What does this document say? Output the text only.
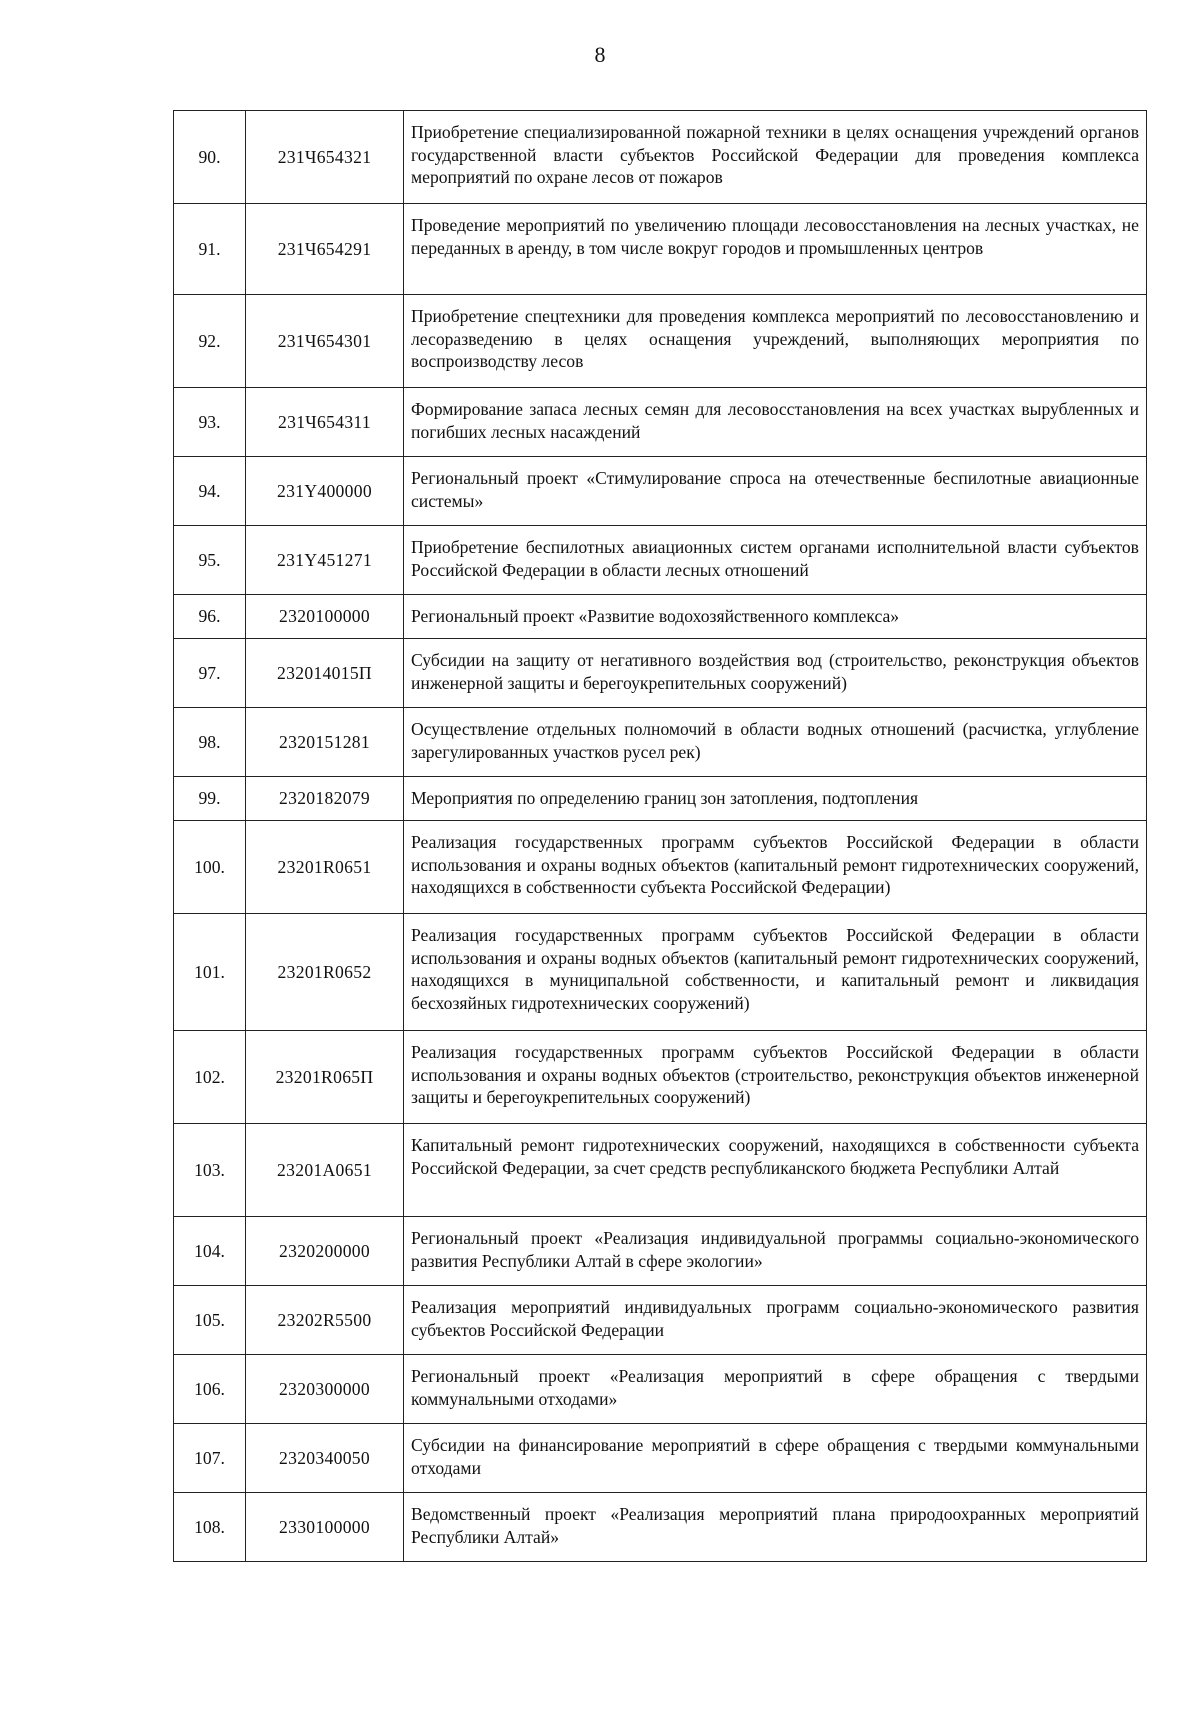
8
90.	231Ч654321	Приобретение специализированной пожарной техники в целях оснащения учреждений органов государственной власти субъектов Российской Федерации для проведения комплекса мероприятий по охране лесов от пожаров
91.	231Ч654291	Проведение мероприятий по увеличению площади лесовосстановления на лесных участках, не переданных в аренду, в том числе вокруг городов и промышленных центров
92.	231Ч654301	Приобретение спецтехники для проведения комплекса мероприятий по лесовосстановлению и лесоразведению в целях оснащения учреждений, выполняющих мероприятия по воспроизводству лесов
93.	231Ч654311	Формирование запаса лесных семян для лесовосстановления на всех участках вырубленных и погибших лесных насаждений
94.	231Y400000	Региональный проект «Стимулирование спроса на отечественные беспилотные авиационные системы»
95.	231Y451271	Приобретение беспилотных авиационных систем органами исполнительной власти субъектов Российской Федерации в области лесных отношений
96.	2320100000	Региональный проект «Развитие водохозяйственного комплекса»
97.	232014015П	Субсидии на защиту от негативного воздействия вод (строительство, реконструкция объектов инженерной защиты и берегоукрепительных сооружений)
98.	2320151281	Осуществление отдельных полномочий в области водных отношений (расчистка, углубление зарегулированных участков русел рек)
99.	2320182079	Мероприятия по определению границ зон затопления, подтопления
100.	23201R0651	Реализация государственных программ субъектов Российской Федерации в области использования и охраны водных объектов (капитальный ремонт гидротехнических сооружений, находящихся в собственности субъекта Российской Федерации)
101.	23201R0652	Реализация государственных программ субъектов Российской Федерации в области использования и охраны водных объектов (капитальный ремонт гидротехнических сооружений, находящихся в муниципальной собственности, и капитальный ремонт и ликвидация бесхозяйных гидротехнических сооружений)
102.	23201R065П	Реализация государственных программ субъектов Российской Федерации в области использования и охраны водных объектов (строительство, реконструкция объектов инженерной защиты и берегоукрепительных сооружений)
103.	23201A0651	Капитальный ремонт гидротехнических сооружений, находящихся в собственности субъекта Российской Федерации, за счет средств республиканского бюджета Республики Алтай
104.	2320200000	Региональный проект «Реализация индивидуальной программы социально-экономического развития Республики Алтай в сфере экологии»
105.	23202R5500	Реализация мероприятий индивидуальных программ социально-экономического развития субъектов Российской Федерации
106.	2320300000	Региональный проект «Реализация мероприятий в сфере обращения с твердыми коммунальными отходами»
107.	2320340050	Субсидии на финансирование мероприятий в сфере обращения с твердыми коммунальными отходами
108.	2330100000	Ведомственный проект «Реализация мероприятий плана природоохранных мероприятий Республики Алтай»
